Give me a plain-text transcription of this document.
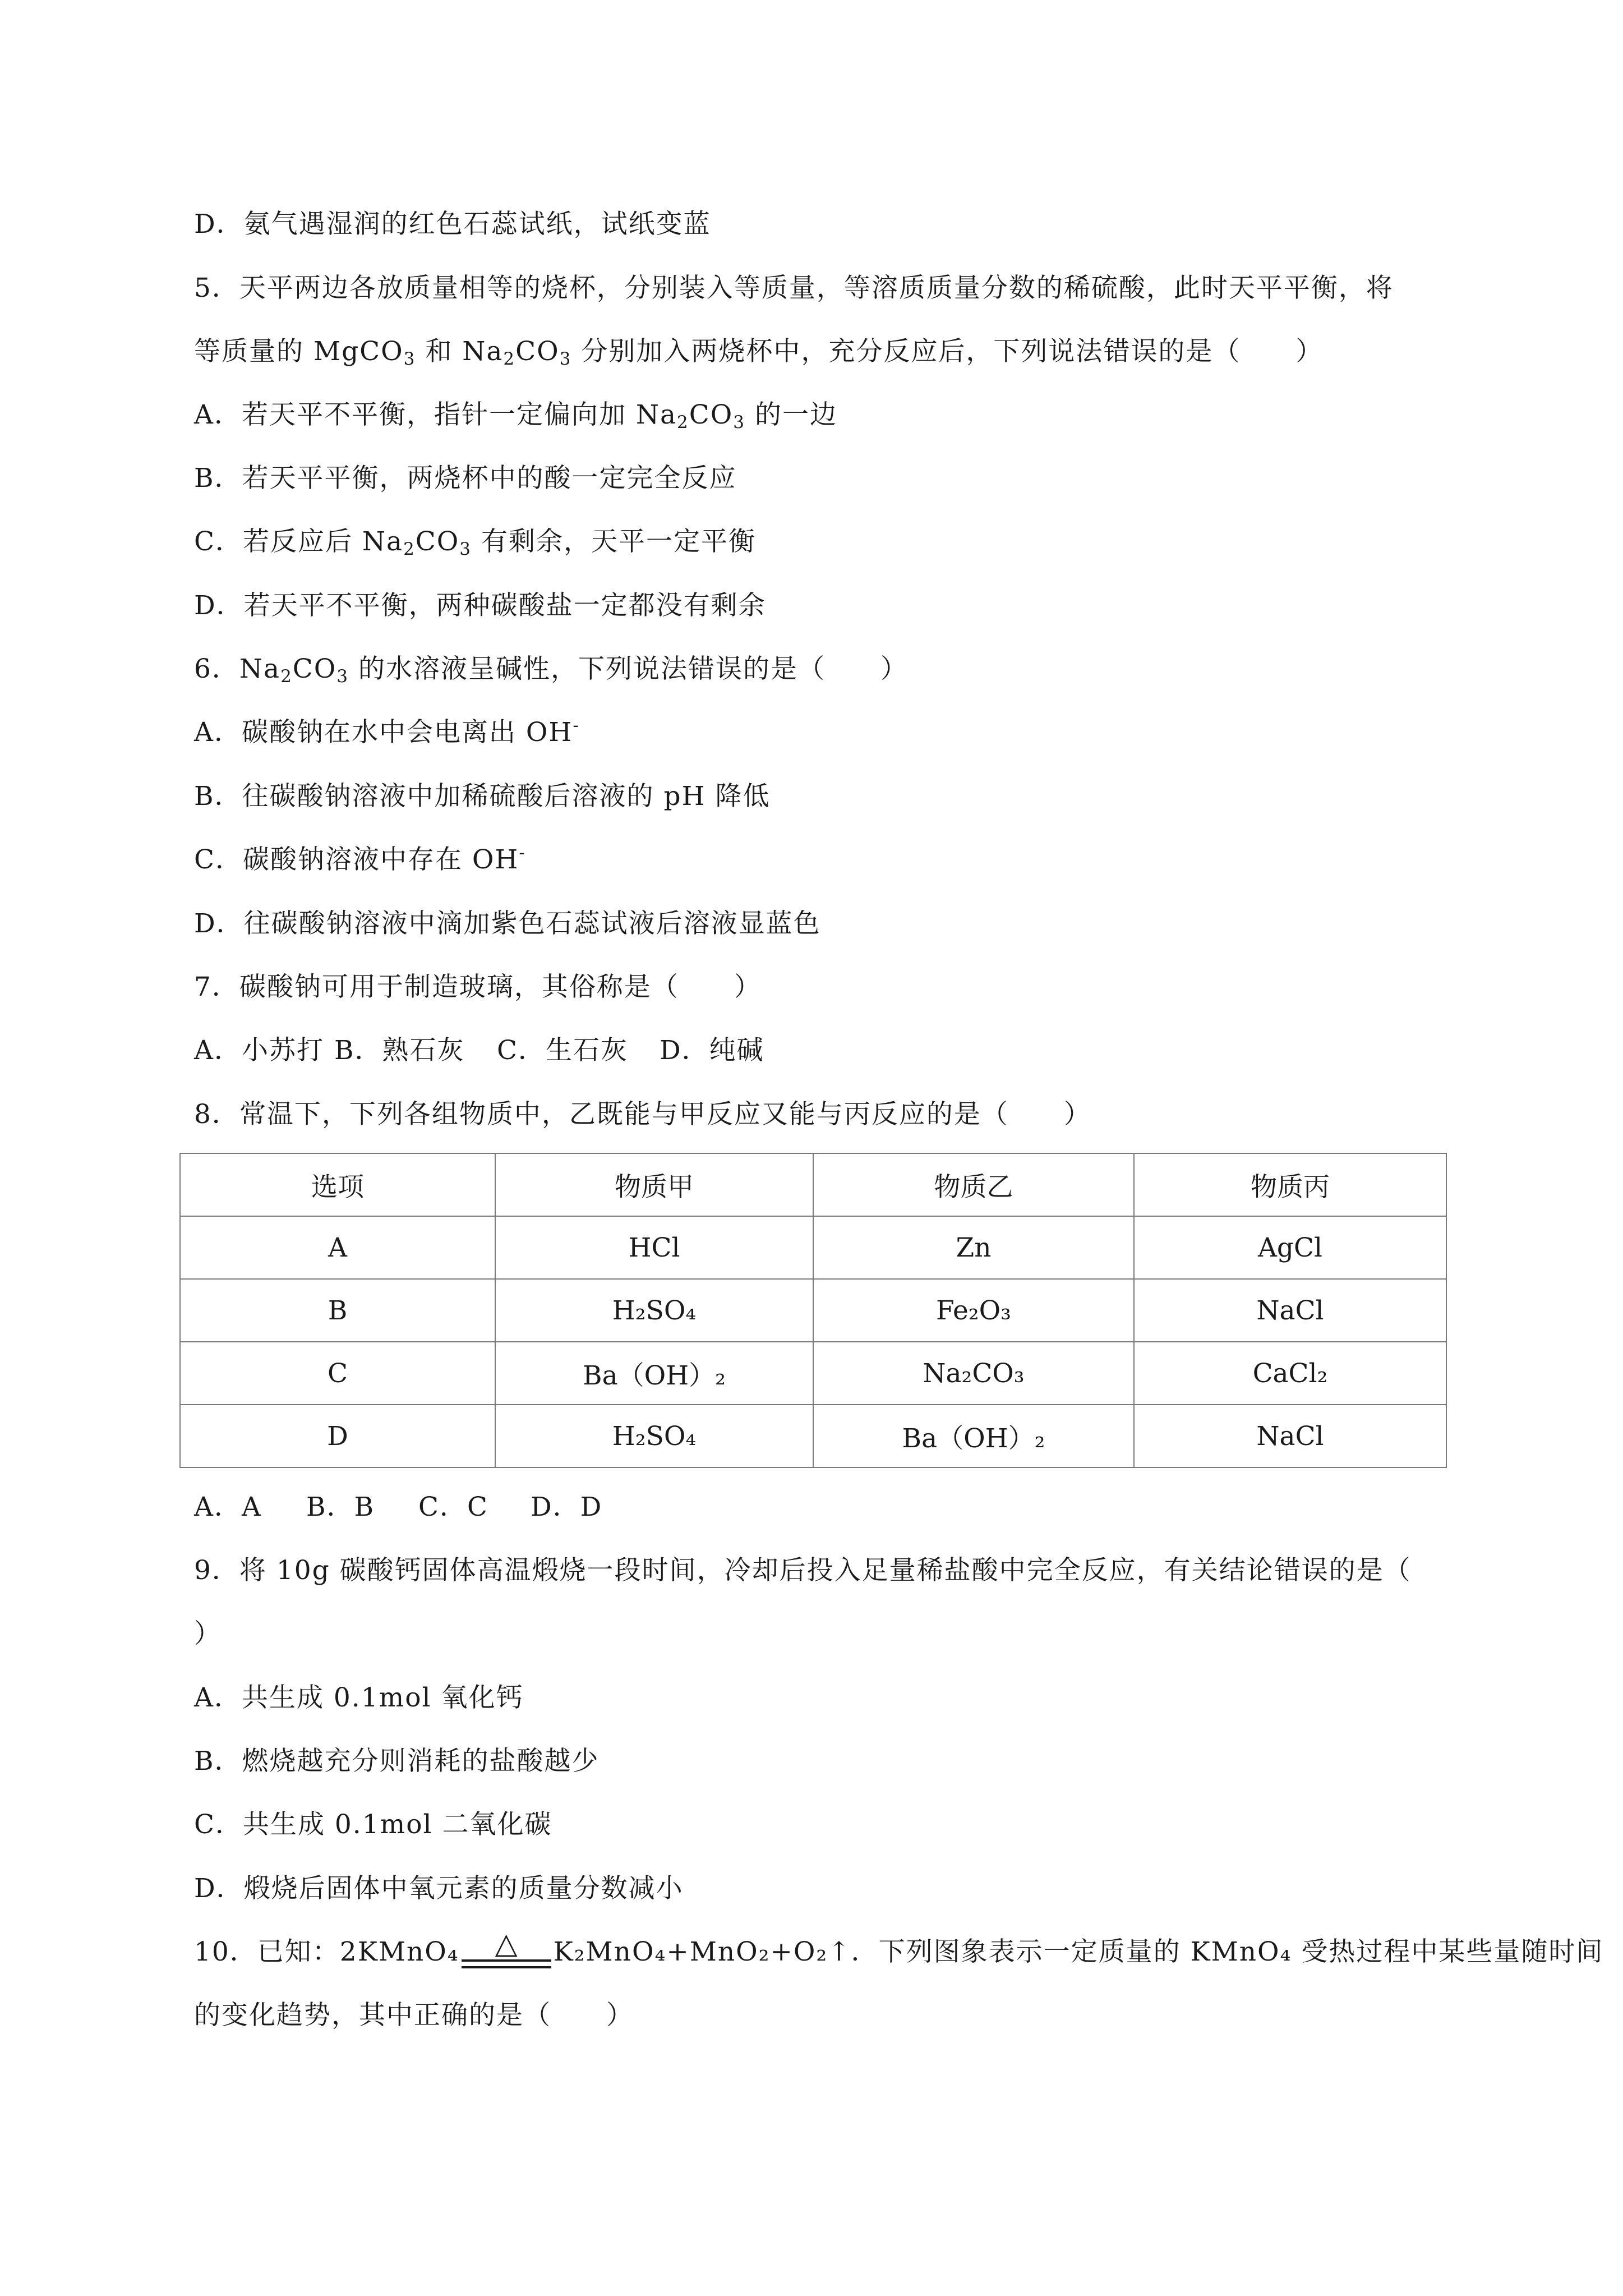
D．氨气遇湿润的红色石蕊试纸，试纸变蓝
5．天平两边各放质量相等的烧杯，分别装入等质量，等溶质质量分数的稀硫酸，此时天平平衡，将
等质量的 MgCO$_3$ 和 $Na_2CO_3$ 分别加入两烧杯中，充分反应后，下列说法错误的是（　　）
A．若天平不平衡，指针一定偏向加 $Na_2CO_3$ 的一边
B．若天平平衡，两烧杯中的酸一定完全反应
C．若反应后 $Na_2CO_3$ 有剩余，天平一定平衡
D．若天平不平衡，两种碳酸盐一定都没有剩余
6．$Na_2CO_3$ 的水溶液呈碱性，下列说法错误的是（　　）
A．碳酸钠在水中会电离出 OH-
B．往碳酸钠溶液中加稀硫酸后溶液的 pH 降低
C．碳酸钠溶液中存在 OH-
D．往碳酸钠溶液中滴加紫色石蕊试液后溶液显蓝色
7．碳酸钠可用于制造玻璃，其俗称是（　　）
A．小苏打 B．熟石灰 C．生石灰 D．纯碱
8．常温下，下列各组物质中，乙既能与甲反应又能与丙反应的是（　　）
选项	物质甲	物质乙	物质丙
A	HCl	Zn	AgCl
B	H₂SO₄	Fe₂O₃	NaCl
C	Ba（OH）₂	Na₂CO₃	CaCl₂
D	H₂SO₄	Ba（OH）₂	NaCl
A．A B．B C．C D．D
9．将 10g 碳酸钙固体高温煅烧一段时间，冷却后投入足量稀盐酸中完全反应，有关结论错误的是（
）
A．共生成 0.1mol 氧化钙
B．燃烧越充分则消耗的盐酸越少
C．共生成 0.1mol 二氧化碳
D．煅烧后固体中氧元素的质量分数减小
10．已知：2KMnO₄ △ K₂MnO₄+MnO₂+O₂↑．下列图象表示一定质量的 KMnO₄ 受热过程中某些量随时间
的变化趋势，其中正确的是（　　）
